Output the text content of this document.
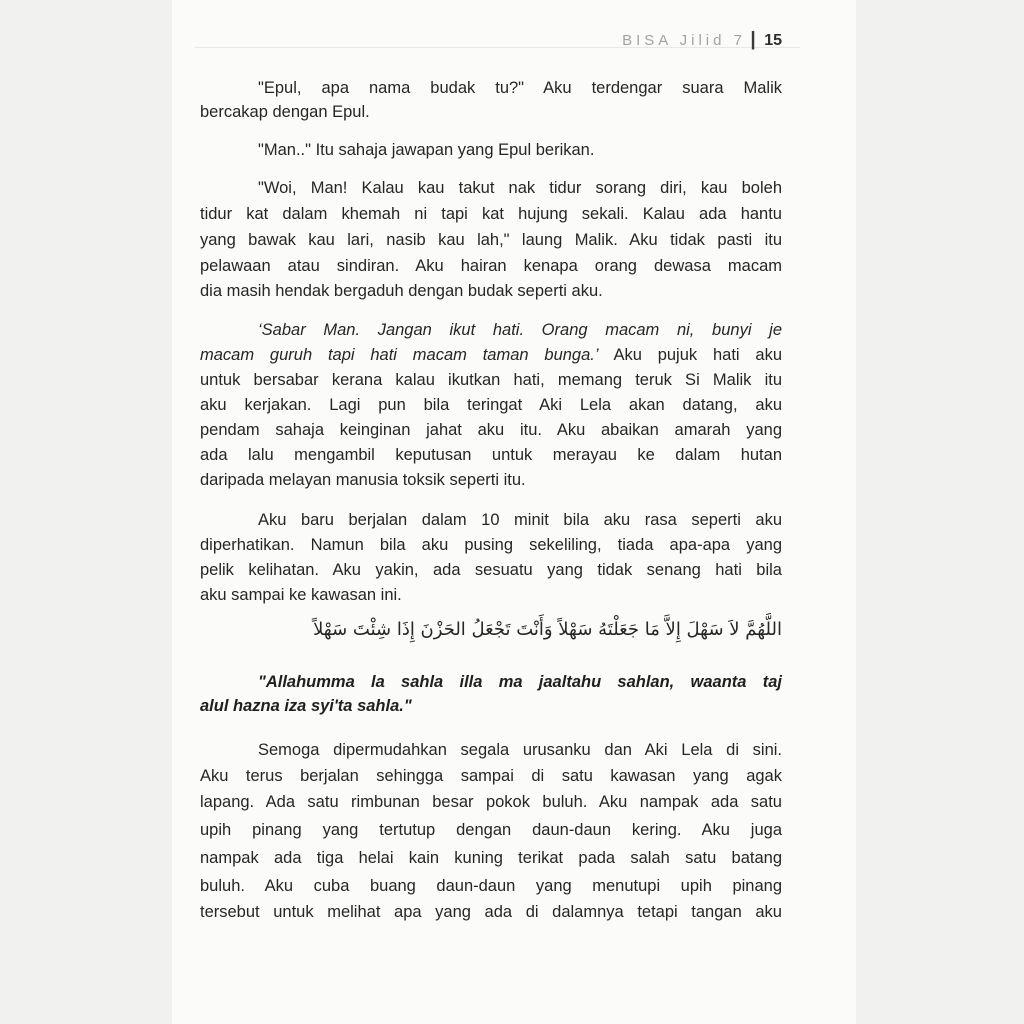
BISA Jilid 7 | 15
"Epul, apa nama budak tu?" Aku terdengar suara Malik
bercakap dengan Epul.
"Man.." Itu sahaja jawapan yang Epul berikan.
"Woi, Man! Kalau kau takut nak tidur sorang diri, kau boleh
tidur kat dalam khemah ni tapi kat hujung sekali. Kalau ada hantu
yang bawak kau lari, nasib kau lah," laung Malik. Aku tidak pasti itu
pelawaan atau sindiran. Aku hairan kenapa orang dewasa macam
dia masih hendak bergaduh dengan budak seperti aku.
‘Sabar Man. Jangan ikut hati. Orang macam ni, bunyi je
macam guruh tapi hati macam taman bunga.’ Aku pujuk hati aku
untuk bersabar kerana kalau ikutkan hati, memang teruk Si Malik itu
aku kerjakan. Lagi pun bila teringat Aki Lela akan datang, aku
pendam sahaja keinginan jahat aku itu. Aku abaikan amarah yang
ada lalu mengambil keputusan untuk merayau ke dalam hutan
daripada melayan manusia toksik seperti itu.
Aku baru berjalan dalam 10 minit bila aku rasa seperti aku
diperhatikan. Namun bila aku pusing sekeliling, tiada apa-apa yang
pelik kelihatan. Aku yakin, ada sesuatu yang tidak senang hati bila
aku sampai ke kawasan ini.
اللَّهُمَّ لاَ سَهْلَ إِلاَّ مَا جَعَلْتَهُ سَهْلاً وَأَنْتَ تَجْعَلُ الحَزْنَ إِذَا شِئْتَ سَهْلاً
"Allahumma la sahla illa ma jaaltahu sahlan, waanta taj
alul hazna iza syi'ta sahla."
Semoga dipermudahkan segala urusanku dan Aki Lela di sini.
Aku terus berjalan sehingga sampai di satu kawasan yang agak
lapang. Ada satu rimbunan besar pokok buluh. Aku nampak ada satu
upih pinang yang tertutup dengan daun-daun kering. Aku juga
nampak ada tiga helai kain kuning terikat pada salah satu batang
buluh. Aku cuba buang daun-daun yang menutupi upih pinang
tersebut untuk melihat apa yang ada di dalamnya tetapi tangan aku
